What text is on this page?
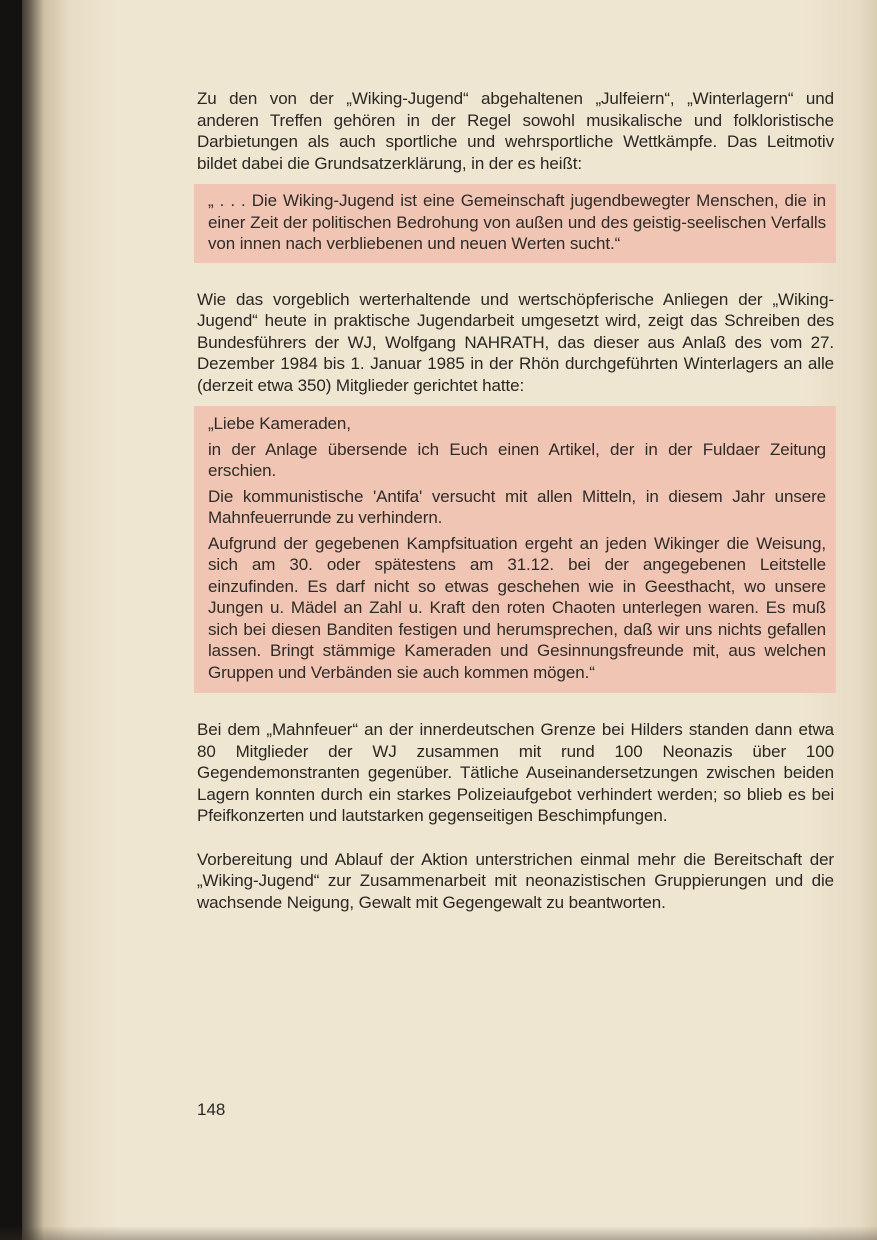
Zu den von der „Wiking-Jugend“ abgehaltenen „Julfeiern“, „Winterlagern“ und anderen Treffen gehören in der Regel sowohl musikalische und folkloristische Darbietungen als auch sportliche und wehrsportliche Wettkämpfe. Das Leitmotiv bildet dabei die Grundsatzerklärung, in der es heißt:

„ . . . Die Wiking-Jugend ist eine Gemeinschaft jugendbewegter Menschen, die in einer Zeit der politischen Bedrohung von außen und des geistig-seelischen Verfalls von innen nach verbliebenen und neuen Werten sucht.“

Wie das vorgeblich werterhaltende und wertschöpferische Anliegen der „Wiking-Jugend“ heute in praktische Jugendarbeit umgesetzt wird, zeigt das Schreiben des Bundesführers der WJ, Wolfgang NAHRATH, das dieser aus Anlaß des vom 27. Dezember 1984 bis 1. Januar 1985 in der Rhön durchgeführten Winterlagers an alle (derzeit etwa 350) Mitglieder gerichtet hatte:

„Liebe Kameraden,

in der Anlage übersende ich Euch einen Artikel, der in der Fuldaer Zeitung erschien.

Die kommunistische 'Antifa' versucht mit allen Mitteln, in diesem Jahr unsere Mahnfeuerrunde zu verhindern.

Aufgrund der gegebenen Kampfsituation ergeht an jeden Wikinger die Weisung, sich am 30. oder spätestens am 31.12. bei der angegebenen Leitstelle einzufinden. Es darf nicht so etwas geschehen wie in Geesthacht, wo unsere Jungen u. Mädel an Zahl u. Kraft den roten Chaoten unterlegen waren. Es muß sich bei diesen Banditen festigen und herumsprechen, daß wir uns nichts gefallen lassen. Bringt stämmige Kameraden und Gesinnungsfreunde mit, aus welchen Gruppen und Verbänden sie auch kommen mögen.“

Bei dem „Mahnfeuer“ an der innerdeutschen Grenze bei Hilders standen dann etwa 80 Mitglieder der WJ zusammen mit rund 100 Neonazis über 100 Gegendemonstranten gegenüber. Tätliche Auseinandersetzungen zwischen beiden Lagern konnten durch ein starkes Polizeiaufgebot verhindert werden; so blieb es bei Pfeifkonzerten und lautstarken gegenseitigen Beschimpfungen.

Vorbereitung und Ablauf der Aktion unterstrichen einmal mehr die Bereitschaft der „Wiking-Jugend“ zur Zusammenarbeit mit neonazistischen Gruppierungen und die wachsende Neigung, Gewalt mit Gegengewalt zu beantworten.

148
